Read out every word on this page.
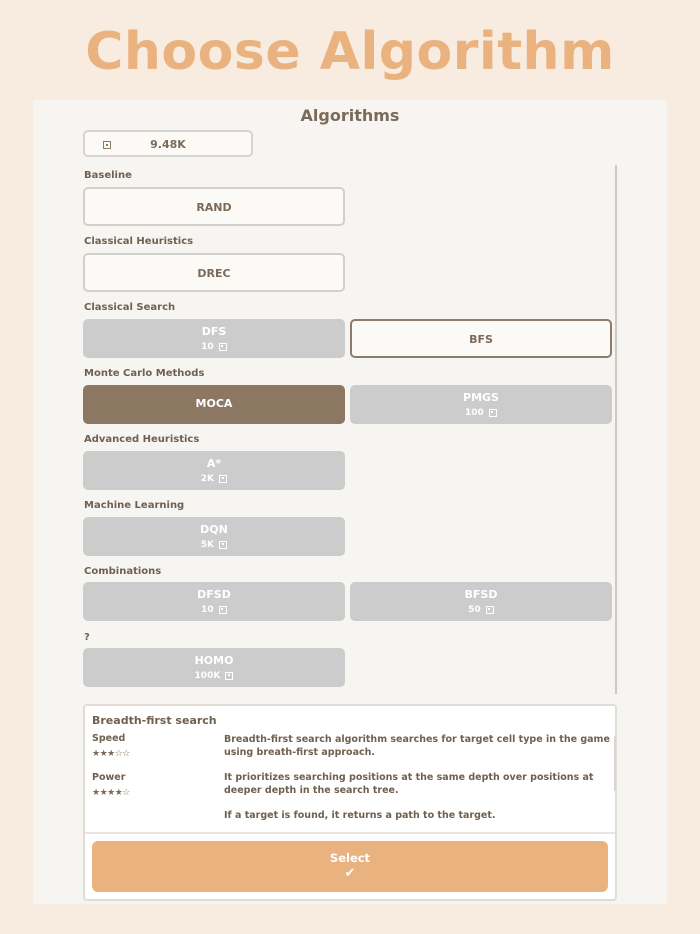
Choose Algorithm
Algorithms
9.48K
Baseline
RAND
Classical Heuristics
DREC
Classical Search
DFS
10
BFS
Monte Carlo Methods
MOCA	PMGS
100
Advanced Heuristics
A*
2K
Machine Learning
DQN
5K
Combinations
DFSD
10
BFSD
50
?
HOMO
100K
Breadth-first search
Speed
★★★☆☆
Power
★★★★☆

Breadth-first search algorithm searches for target cell type in the game using breath-first approach.

It prioritizes searching positions at the same depth over positions at deeper depth in the search tree.

If a target is found, it returns a path to the target.

Select
✔
